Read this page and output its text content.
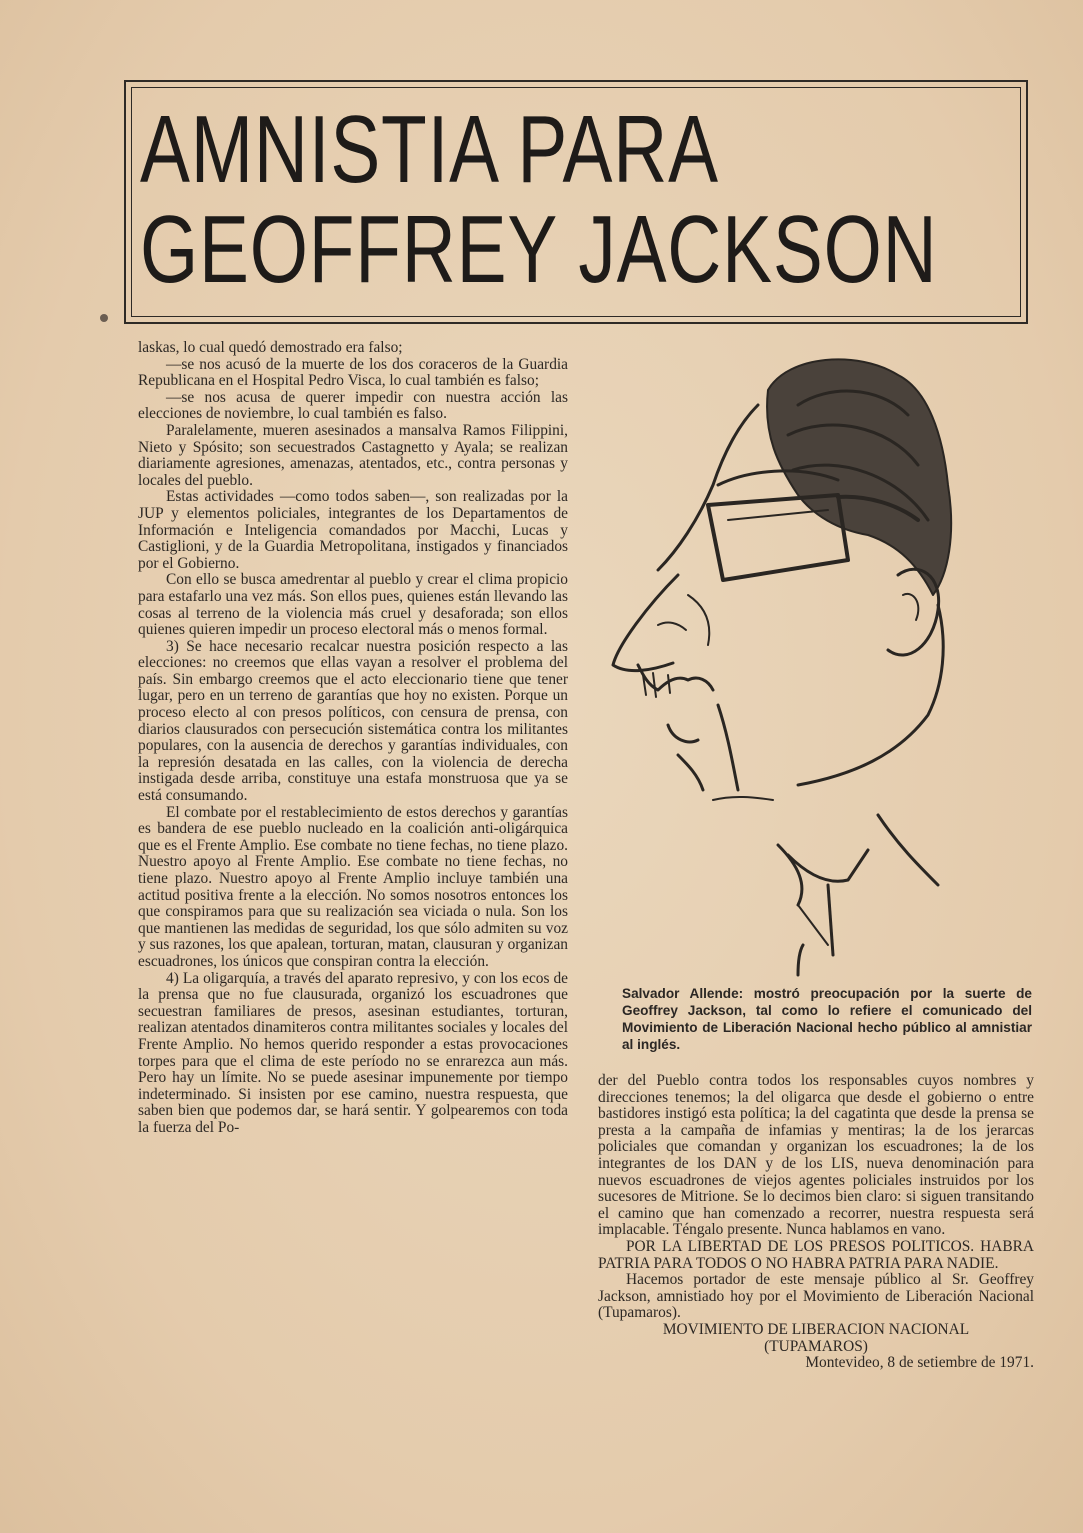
AMNISTIA PARA
GEOFFREY JACKSON

laskas, lo cual quedó demostrado era falso;

—se nos acusó de la muerte de los dos coraceros de la Guardia Republicana en el Hospital Pedro Visca, lo cual también es falso;

—se nos acusa de querer impedir con nuestra acción las elecciones de noviembre, lo cual también es falso.

Paralelamente, mueren asesinados a mansalva Ramos Filippini, Nieto y Spósito; son secuestrados Castagnetto y Ayala; se realizan diariamente agresiones, amenazas, atentados, etc., contra personas y locales del pueblo.

Estas actividades —como todos saben—, son realizadas por la JUP y elementos policiales, integrantes de los Departamentos de Información e Inteligencia comandados por Macchi, Lucas y Castiglioni, y de la Guardia Metropolitana, instigados y financiados por el Gobierno.

Con ello se busca amedrentar al pueblo y crear el clima propicio para estafarlo una vez más. Son ellos pues, quienes están llevando las cosas al terreno de la violencia más cruel y desaforada; son ellos quienes quieren impedir un proceso electoral más o menos formal.

3) Se hace necesario recalcar nuestra posición respecto a las elecciones: no creemos que ellas vayan a resolver el problema del país. Sin embargo creemos que el acto eleccionario tiene que tener lugar, pero en un terreno de garantías que hoy no existen. Porque un proceso electo al con presos políticos, con censura de prensa, con diarios clausurados con persecución sistemática contra los militantes populares, con la ausencia de derechos y garantías individuales, con la represión desatada en las calles, con la violencia de derecha instigada desde arriba, constituye una estafa monstruosa que ya se está consumando.

El combate por el restablecimiento de estos derechos y garantías es bandera de ese pueblo nucleado en la coalición anti-oligárquica que es el Frente Amplio. Ese combate no tiene fechas, no tiene plazo. Nuestro apoyo al Frente Amplio. Ese combate no tiene fechas, no tiene plazo. Nuestro apoyo al Frente Amplio incluye también una actitud positiva frente a la elección. No somos nosotros entonces los que conspiramos para que su realización sea viciada o nula. Son los que mantienen las medidas de seguridad, los que sólo admiten su voz y sus razones, los que apalean, torturan, matan, clausuran y organizan escuadrones, los únicos que conspiran contra la elección.

4) La oligarquía, a través del aparato represivo, y con los ecos de la prensa que no fue clausurada, organizó los escuadrones que secuestran familiares de presos, asesinan estudiantes, torturan, realizan atentados dinamiteros contra militantes sociales y locales del Frente Amplio. No hemos querido responder a estas provocaciones torpes para que el clima de este período no se enrarezca aun más. Pero hay un límite. No se puede asesinar impunemente por tiempo indeterminado. Si insisten por ese camino, nuestra respuesta, que saben bien que podemos dar, se hará sentir. Y golpearemos con toda la fuerza del Po-

Salvador Allende: mostró preocupación por la suerte de Geoffrey Jackson, tal como lo refiere el comunicado del Movimiento de Liberación Nacional hecho público al amnistiar al inglés.

der del Pueblo contra todos los responsables cuyos nombres y direcciones tenemos; la del oligarca que desde el gobierno o entre bastidores instigó esta política; la del cagatinta que desde la prensa se presta a la campaña de infamias y mentiras; la de los jerarcas policiales que comandan y organizan los escuadrones; la de los integrantes de los DAN y de los LIS, nueva denominación para nuevos escuadrones de viejos agentes policiales instruidos por los sucesores de Mitrione. Se lo decimos bien claro: si siguen transitando el camino que han comenzado a recorrer, nuestra respuesta será implacable. Téngalo presente. Nunca hablamos en vano.

POR LA LIBERTAD DE LOS PRESOS POLITICOS. HABRA PATRIA PARA TODOS O NO HABRA PATRIA PARA NADIE.

Hacemos portador de este mensaje público al Sr. Geoffrey Jackson, amnistiado hoy por el Movimiento de Liberación Nacional (Tupamaros).

MOVIMIENTO DE LIBERACION NACIONAL

(TUPAMAROS)

Montevideo, 8 de setiembre de 1971.
